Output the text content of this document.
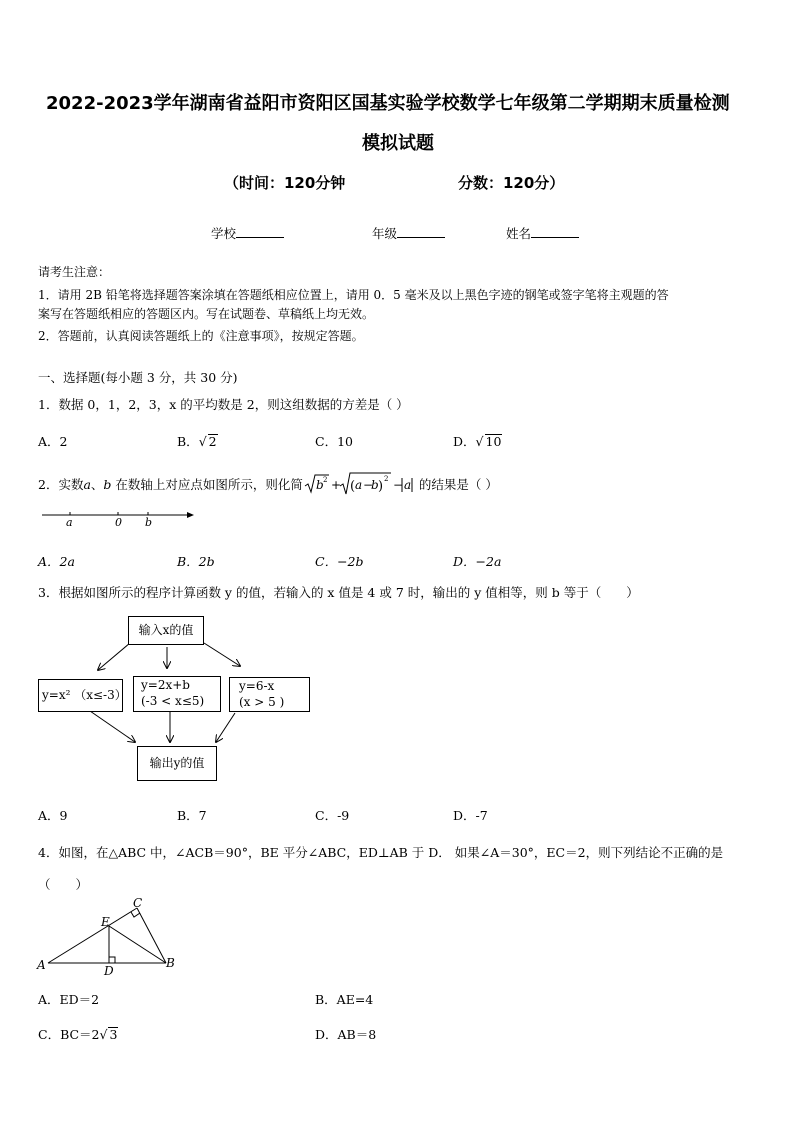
2022-2023学年湖南省益阳市资阳区国基实验学校数学七年级第二学期期末质量检测
模拟试题
（时间：120分钟	分数：120分）
学校	年级	姓名
请考生注意：
1．请用 2B 铅笔将选择题答案涂填在答题纸相应位置上，请用 0．5 毫米及以上黑色字迹的钢笔或签字笔将主观题的答
案写在答题纸相应的答题区内。写在试题卷、草稿纸上均无效。
2．答题前，认真阅读答题纸上的《注意事项》，按规定答题。
一、选择题(每小题 3 分，共 30 分)
1．数据 0，1，2，3，x 的平均数是 2，则这组数据的方差是（ ）
A．2	B．√ 2	C．10	D．√ 10
2．实数a、b 在数轴上对应点如图所示，则化简 b 2 + ( a −
b ) 2 − a 的结果是（ ）
a	0 b
A．2a	B．2b	C．−2b	D．−2a
3．根据如图所示的程序计算函数 y 的值，若输入的 x 值是 4 或 7 时，输出的 y 值相等，则 b 等于（　　）
输入x的值
y=x² （x≤-3）
y=2x+b
(-3 < x≤5)
y=6-x
(x > 5 )
输出y的值
A．9	B．7	C．-9	D．-7
4．如图，在△ABC 中，∠ACB＝90°，BE 平分∠ABC，ED⊥AB 于 D． 如果∠A＝30°，EC＝2，则下列结论不正确的是
（　　）
A	B
C
D
E
A．ED＝2	B．AE=4
C．BC＝2√ 3	D．AB＝8
